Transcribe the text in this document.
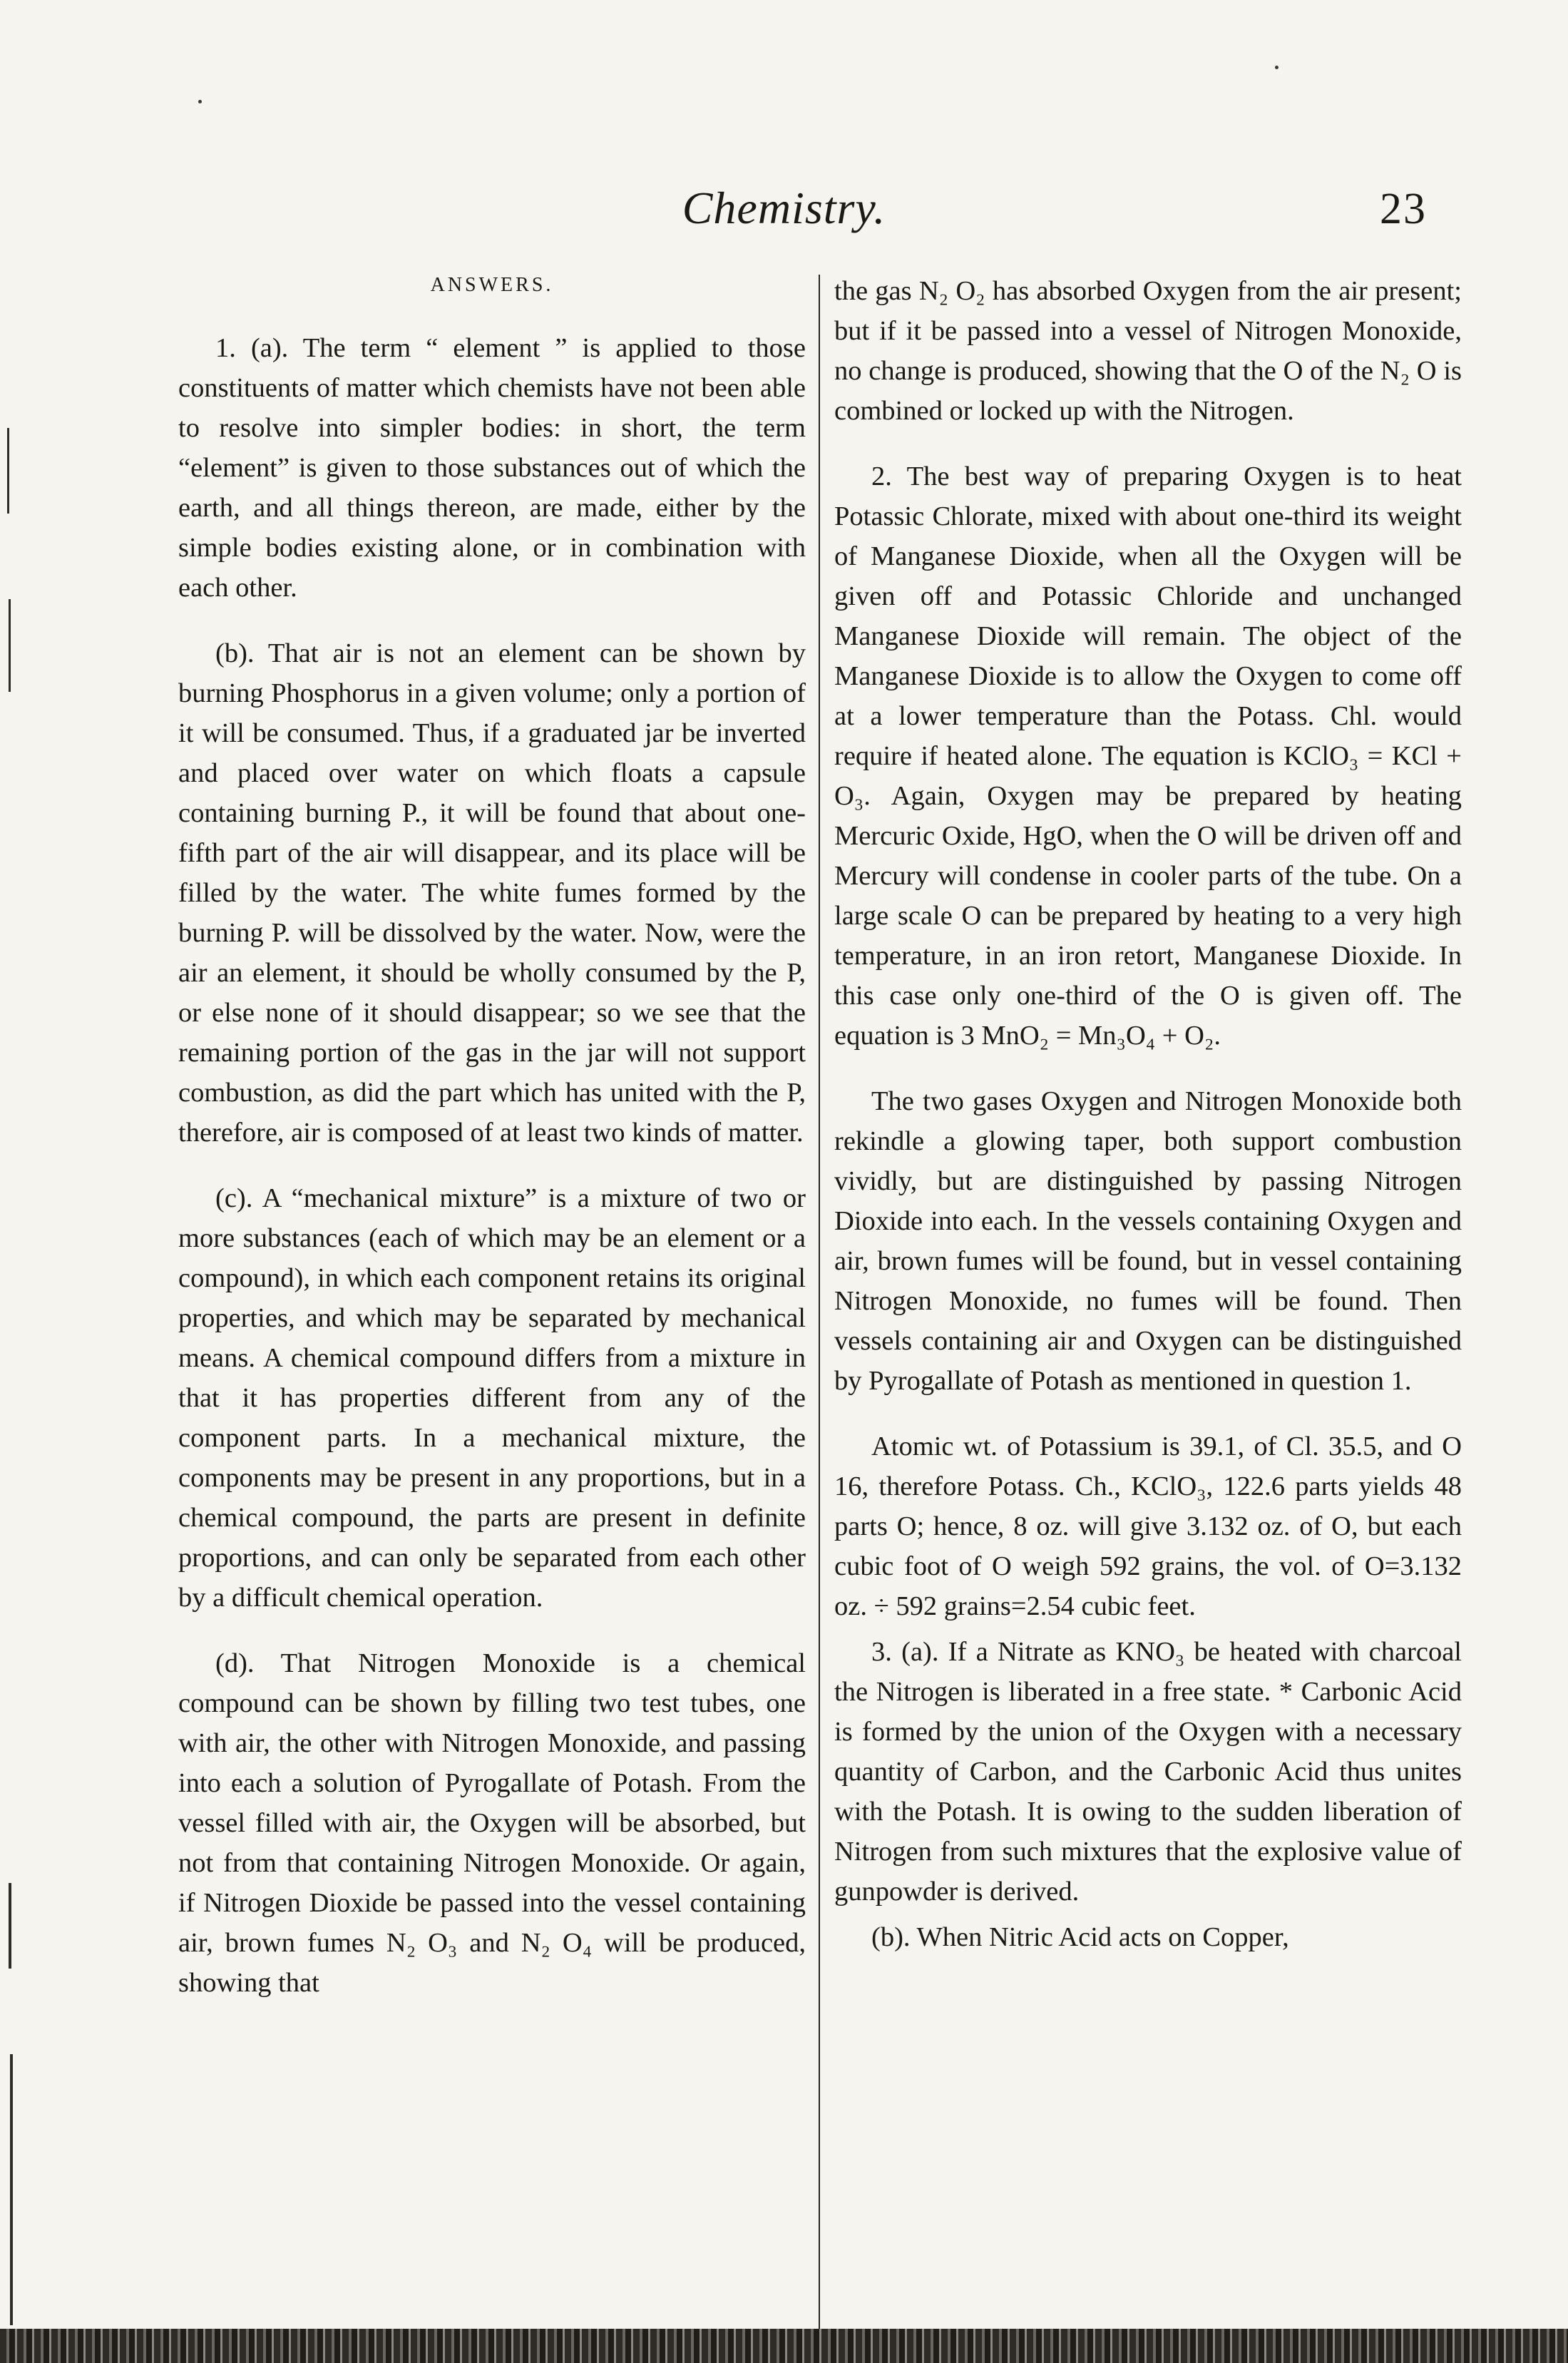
Chemistry.	23
ANSWERS.

1. (a). The term “ element ” is applied to those constituents of matter which chemists have not been able to resolve into simpler bodies: in short, the term “element” is given to those substances out of which the earth, and all things thereon, are made, either by the simple bodies existing alone, or in combination with each other.

(b). That air is not an element can be shown by burning Phosphorus in a given volume; only a portion of it will be consumed. Thus, if a graduated jar be inverted and placed over water on which floats a capsule containing burning P., it will be found that about one-fifth part of the air will disappear, and its place will be filled by the water. The white fumes formed by the burning P. will be dissolved by the water. Now, were the air an element, it should be wholly consumed by the P, or else none of it should disappear; so we see that the remaining portion of the gas in the jar will not support combustion, as did the part which has united with the P, therefore, air is composed of at least two kinds of matter.

(c). A “mechanical mixture” is a mixture of two or more substances (each of which may be an element or a compound), in which each component retains its original properties, and which may be separated by mechanical means. A chemical compound differs from a mixture in that it has properties different from any of the component parts. In a mechanical mixture, the components may be present in any proportions, but in a chemical compound, the parts are present in definite proportions, and can only be separated from each other by a difficult chemical operation.

(d). That Nitrogen Monoxide is a chemical compound can be shown by filling two test tubes, one with air, the other with Nitrogen Monoxide, and passing into each a solution of Pyrogallate of Potash. From the vessel filled with air, the Oxygen will be absorbed, but not from that containing Nitrogen Monoxide. Or again, if Nitrogen Dioxide be passed into the vessel containing air, brown fumes N₂ O₃ and N₂ O₄ will be produced, showing that

the gas N₂ O₂ has absorbed Oxygen from the air present; but if it be passed into a vessel of Nitrogen Monoxide, no change is produced, showing that the O of the N₂ O is combined or locked up with the Nitrogen.

2. The best way of preparing Oxygen is to heat Potassic Chlorate, mixed with about one-third its weight of Manganese Dioxide, when all the Oxygen will be given off and Potassic Chloride and unchanged Manganese Dioxide will remain. The object of the Manganese Dioxide is to allow the Oxygen to come off at a lower temperature than the Potass. Chl. would require if heated alone. The equation is KClO₃ = KCl + O₃. Again, Oxygen may be prepared by heating Mercuric Oxide, HgO, when the O will be driven off and Mercury will condense in cooler parts of the tube. On a large scale O can be prepared by heating to a very high temperature, in an iron retort, Manganese Dioxide. In this case only one-third of the O is given off. The equation is 3 MnO₂ = Mn₃O₄ + O₂.

The two gases Oxygen and Nitrogen Monoxide both rekindle a glowing taper, both support combustion vividly, but are distinguished by passing Nitrogen Dioxide into each. In the vessels containing Oxygen and air, brown fumes will be found, but in vessel containing Nitrogen Monoxide, no fumes will be found. Then vessels containing air and Oxygen can be distinguished by Pyrogallate of Potash as mentioned in question 1.

Atomic wt. of Potassium is 39.1, of Cl. 35.5, and O 16, therefore Potass. Ch., KClO₃, 122.6 parts yields 48 parts O; hence, 8 oz. will give 3.132 oz. of O, but each cubic foot of O weigh 592 grains, the vol. of O=3.132 oz. ÷ 592 grains=2.54 cubic feet.

3. (a). If a Nitrate as KNO₃ be heated with charcoal the Nitrogen is liberated in a free state. * Carbonic Acid is formed by the union of the Oxygen with a necessary quantity of Carbon, and the Carbonic Acid thus unites with the Potash. It is owing to the sudden liberation of Nitrogen from such mixtures that the explosive value of gunpowder is derived.

(b). When Nitric Acid acts on Copper,
